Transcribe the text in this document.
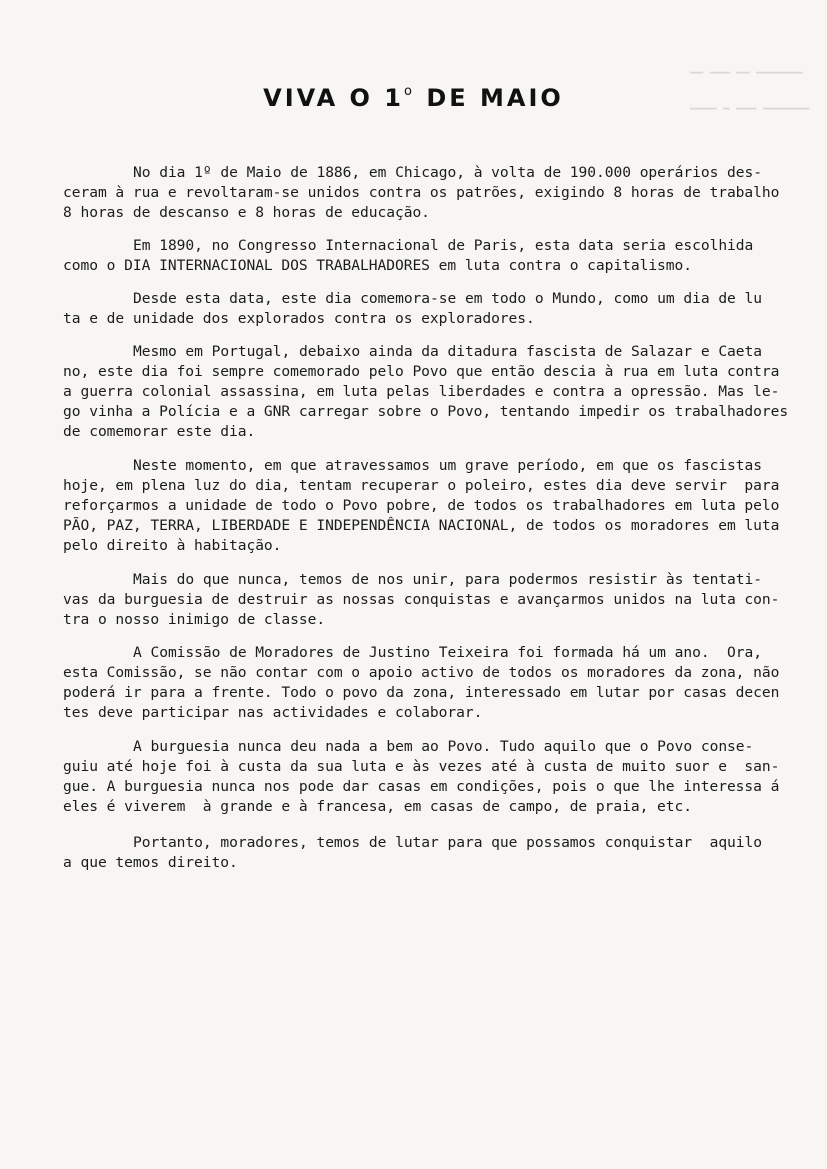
▔▔ ▔▔▔ ▔▔ ▔▔▔▔▔▔▔
▔▔▔▔ ▔ ▔▔▔ ▔▔▔▔▔▔▔
VIVA O 1$^o$ DE MAIO
No dia 1º de Maio de 1886, em Chicago, à volta de 190.000 operários des-
ceram à rua e revoltaram-se unidos contra os patrões, exigindo 8 horas de trabalho
8 horas de descanso e 8 horas de educação.
Em 1890, no Congresso Internacional de Paris, esta data seria escolhida
como o DIA INTERNACIONAL DOS TRABALHADORES em luta contra o capitalismo.
Desde esta data, este dia comemora-se em todo o Mundo, como um dia de lu
ta e de unidade dos explorados contra os exploradores.
Mesmo em Portugal, debaixo ainda da ditadura fascista de Salazar e Caeta
no, este dia foi sempre comemorado pelo Povo que então descia à rua em luta contra
a guerra colonial assassina, em luta pelas liberdades e contra a opressão. Mas le-
go vinha a Polícia e a GNR carregar sobre o Povo, tentando impedir os trabalhadores
de comemorar este dia.
Neste momento, em que atravessamos um grave período, em que os fascistas
hoje, em plena luz do dia, tentam recuperar o poleiro, estes dia deve servir  para
reforçarmos a unidade de todo o Povo pobre, de todos os trabalhadores em luta pelo
PÃO, PAZ, TERRA, LIBERDADE E INDEPENDÊNCIA NACIONAL, de todos os moradores em luta
pelo direito à habitação.
Mais do que nunca, temos de nos unir, para podermos resistir às tentati-
vas da burguesia de destruir as nossas conquistas e avançarmos unidos na luta con-
tra o nosso inimigo de classe.
A Comissão de Moradores de Justino Teixeira foi formada há um ano.  Ora,
esta Comissão, se não contar com o apoio activo de todos os moradores da zona, não
poderá ir para a frente. Todo o povo da zona, interessado em lutar por casas decen
tes deve participar nas actividades e colaborar.
A burguesia nunca deu nada a bem ao Povo. Tudo aquilo que o Povo conse-
guiu até hoje foi à custa da sua luta e às vezes até à custa de muito suor e  san-
gue. A burguesia nunca nos pode dar casas em condições, pois o que lhe interessa á
eles é viverem  à grande e à francesa, em casas de campo, de praia, etc.
Portanto, moradores, temos de lutar para que possamos conquistar  aquilo
a que temos direito.
